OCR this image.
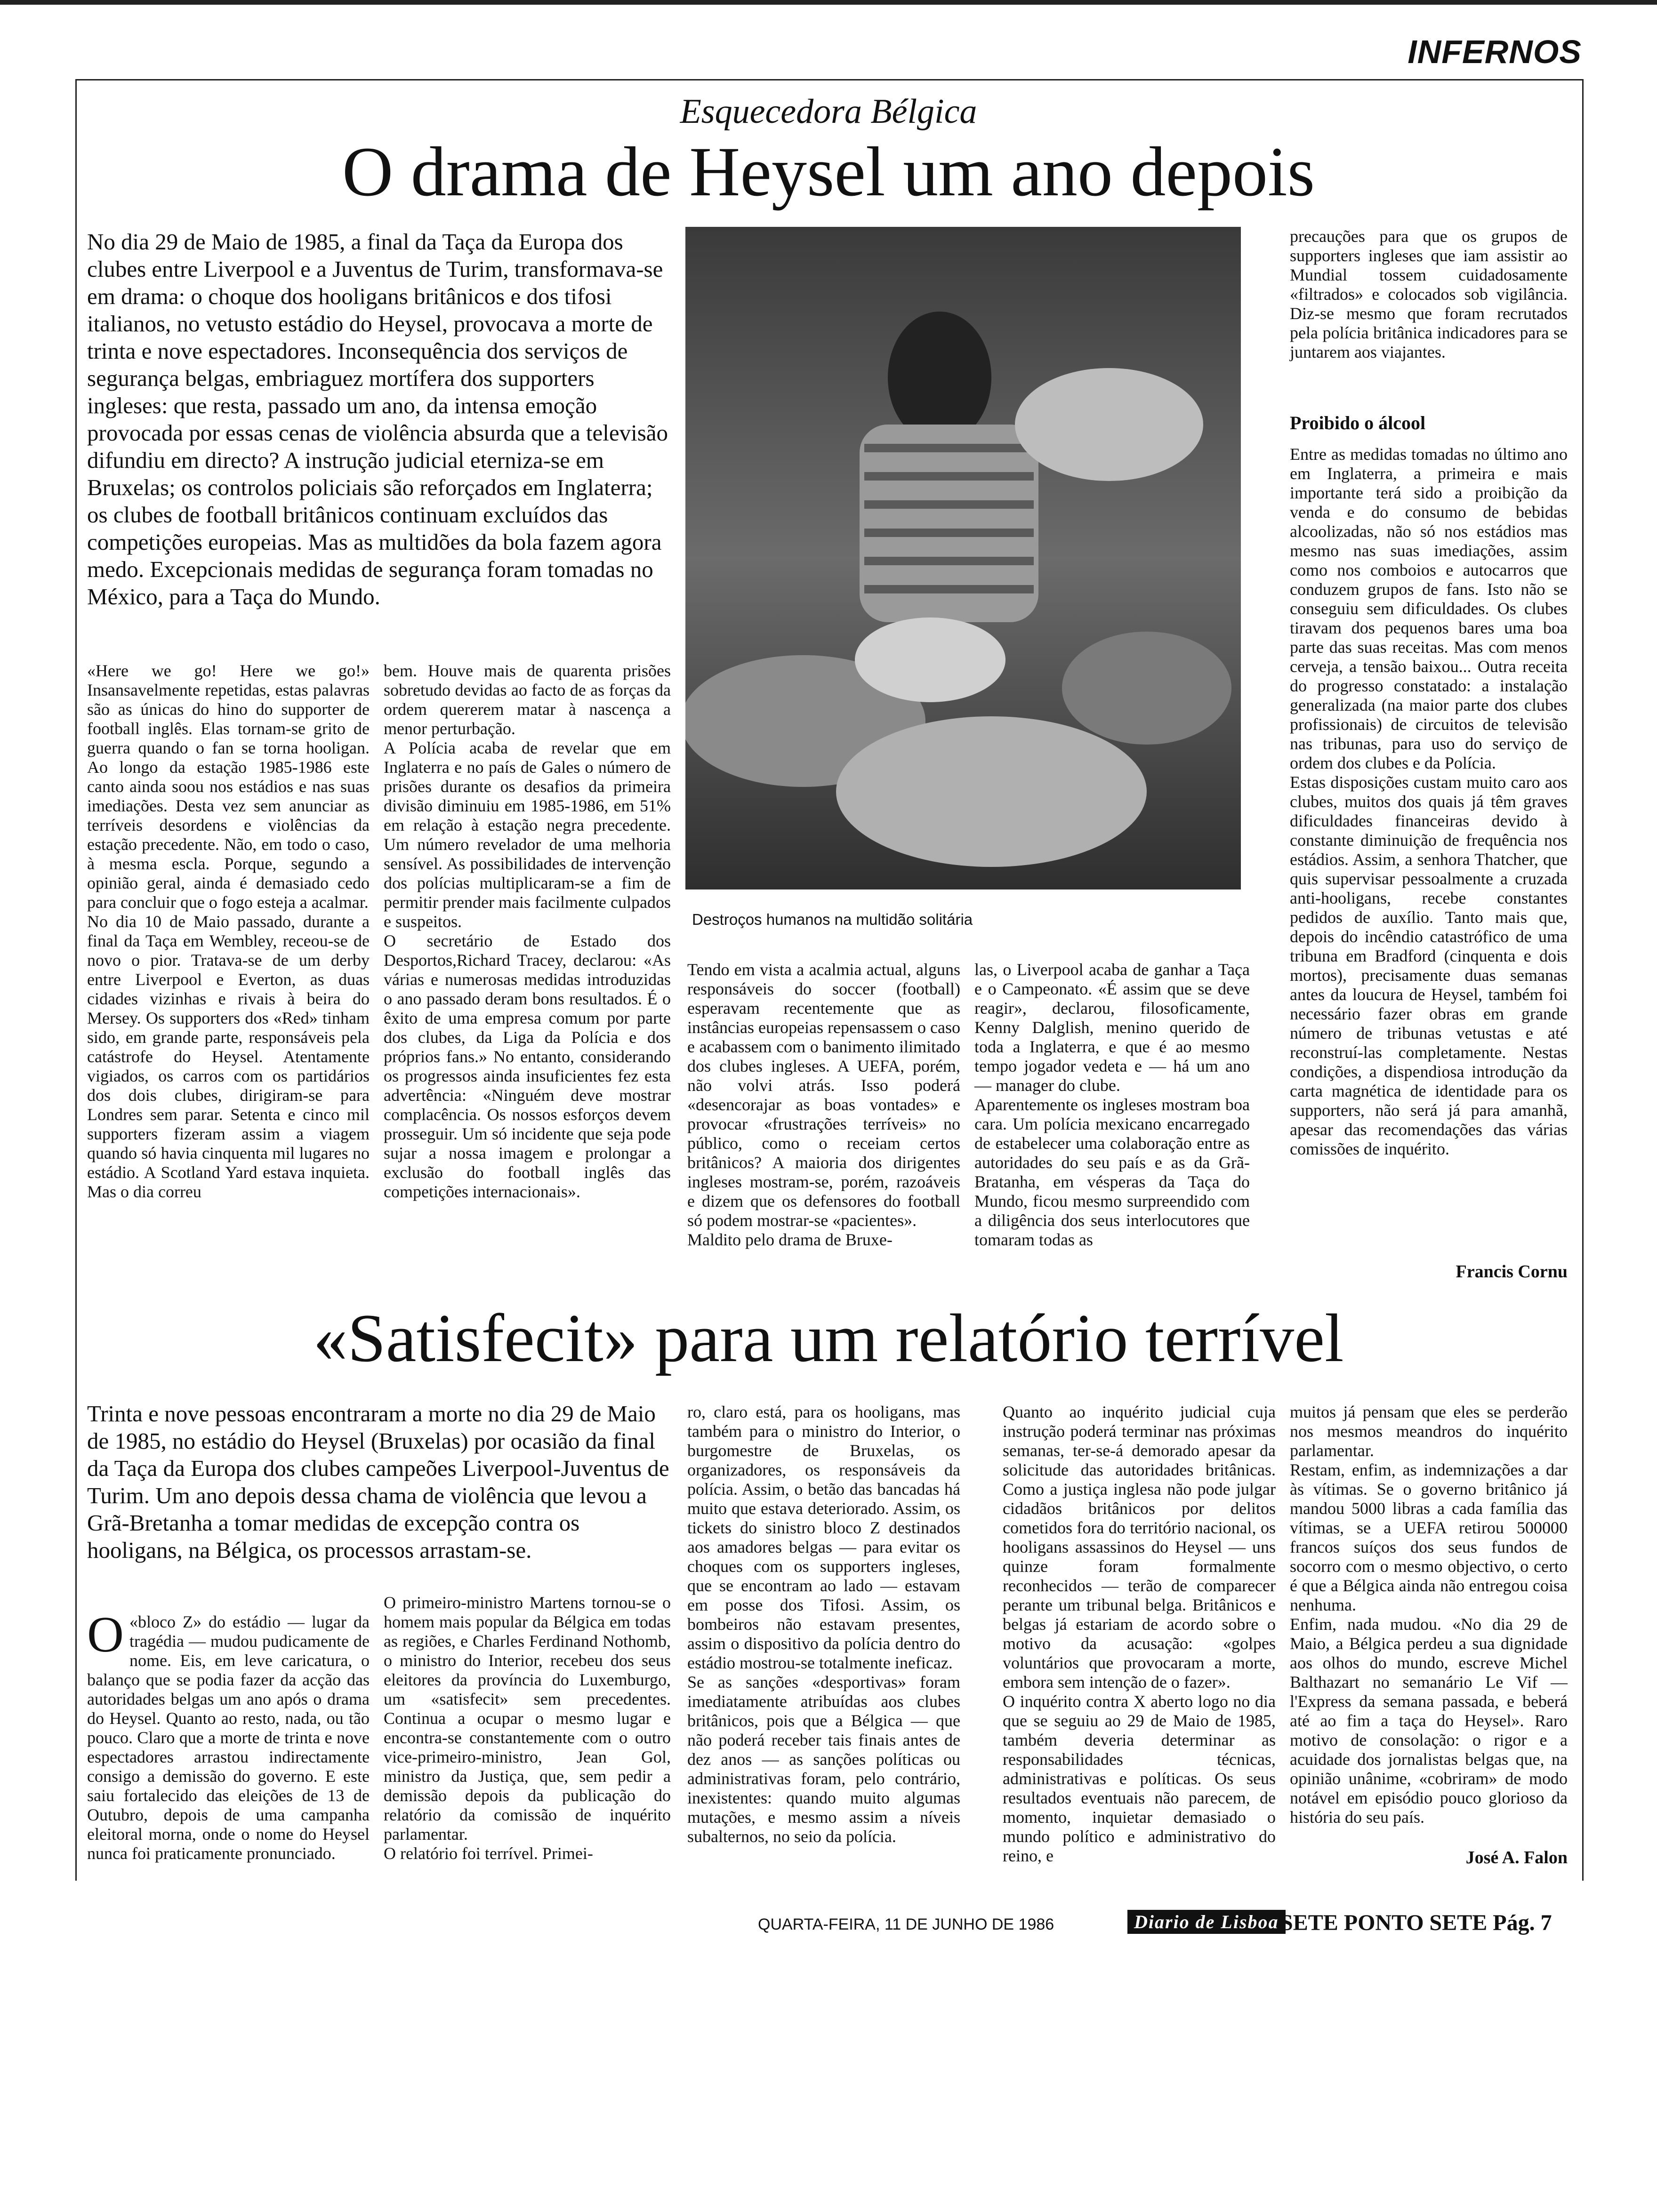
INFERNOS
Esquecedora Bélgica
O drama de Heysel um ano depois
No dia 29 de Maio de 1985, a final da Taça da Europa dos clubes entre Liverpool e a Juventus de Turim, transformava-se em drama: o choque dos hooligans britânicos e dos tifosi italianos, no vetusto estádio do Heysel, provocava a morte de trinta e nove espectadores. Inconsequência dos serviços de segurança belgas, embriaguez mortífera dos supporters ingleses: que resta, passado um ano, da intensa emoção provocada por essas cenas de violência absurda que a televisão difundiu em directo? A instrução judicial eterniza-se em Bruxelas; os controlos policiais são reforçados em Inglaterra; os clubes de football britânicos continuam excluídos das competições europeias. Mas as multidões da bola fazem agora medo. Excepcionais medidas de segurança foram tomadas no México, para a Taça do Mundo.
«Here we go! Here we go!» Insansavelmente repetidas, estas palavras são as únicas do hino do supporter de football inglês. Elas tornam-se grito de guerra quando o fan se torna hooligan. Ao longo da estação 1985-1986 este canto ainda soou nos estádios e nas suas imediações. Desta vez sem anunciar as terríveis desordens e violências da estação precedente. Não, em todo o caso, à mesma escla. Porque, segundo a opinião geral, ainda é demasiado cedo para concluir que o fogo esteja a acalmar.
No dia 10 de Maio passado, durante a final da Taça em Wembley, receou-se de novo o pior. Tratava-se de um derby entre Liverpool e Everton, as duas cidades vizinhas e rivais à beira do Mersey. Os supporters dos «Red» tinham sido, em grande parte, responsáveis pela catástrofe do Heysel. Atentamente vigiados, os carros com os partidários dos dois clubes, dirigiram-se para Londres sem parar. Setenta e cinco mil supporters fizeram assim a viagem quando só havia cinquenta mil lugares no estádio. A Scotland Yard estava inquieta. Mas o dia correu
bem. Houve mais de quarenta prisões sobretudo devidas ao facto de as forças da ordem quererem matar à nascença a menor perturbação.
A Polícia acaba de revelar que em Inglaterra e no país de Gales o número de prisões durante os desafios da primeira divisão diminuiu em 1985-1986, em 51% em relação à estação negra precedente. Um número revelador de uma melhoria sensível. As possibilidades de intervenção dos polícias multiplicaram-se a fim de permitir prender mais facilmente culpados e suspeitos.
O secretário de Estado dos Desportos,Richard Tracey, declarou: «As várias e numerosas medidas introduzidas o ano passado deram bons resultados. É o êxito de uma empresa comum por parte dos clubes, da Liga da Polícia e dos próprios fans.» No entanto, considerando os progressos ainda insuficientes fez esta advertência: «Ninguém deve mostrar complacência. Os nossos esforços devem prosseguir. Um só incidente que seja pode sujar a nossa imagem e prolongar a exclusão do football inglês das competições internacionais».
Destroços humanos na multidão solitária
Tendo em vista a acalmia actual, alguns responsáveis do soccer (football) esperavam recentemente que as instâncias europeias repensassem o caso e acabassem com o banimento ilimitado dos clubes ingleses. A UEFA, porém, não volvi atrás. Isso poderá «desencorajar as boas vontades» e provocar «frustrações terríveis» no público, como o receiam certos britânicos? A maioria dos dirigentes ingleses mostram-se, porém, razoáveis e dizem que os defensores do football só podem mostrar-se «pacientes».
Maldito pelo drama de Bruxe-
las, o Liverpool acaba de ganhar a Taça e o Campeonato. «É assim que se deve reagir», declarou, filosoficamente, Kenny Dalglish, menino querido de toda a Inglaterra, e que é ao mesmo tempo jogador vedeta e — há um ano — manager do clube.
Aparentemente os ingleses mostram boa cara. Um polícia mexicano encarregado de estabelecer uma colaboração entre as autoridades do seu país e as da Grã-Bratanha, em vésperas da Taça do Mundo, ficou mesmo surpreendido com a diligência dos seus interlocutores que tomaram todas as
precauções para que os grupos de supporters ingleses que iam assistir ao Mundial tossem cuidadosamente «filtrados» e colocados sob vigilância. Diz-se mesmo que foram recrutados pela polícia britânica indicadores para se juntarem aos viajantes.
Proibido o álcool
Entre as medidas tomadas no último ano em Inglaterra, a primeira e mais importante terá sido a proibição da venda e do consumo de bebidas alcoolizadas, não só nos estádios mas mesmo nas suas imediações, assim como nos comboios e autocarros que conduzem grupos de fans. Isto não se conseguiu sem dificuldades. Os clubes tiravam dos pequenos bares uma boa parte das suas receitas. Mas com menos cerveja, a tensão baixou... Outra receita do progresso constatado: a instalação generalizada (na maior parte dos clubes profissionais) de circuitos de televisão nas tribunas, para uso do serviço de ordem dos clubes e da Polícia.
Estas disposições custam muito caro aos clubes, muitos dos quais já têm graves dificuldades financeiras devido à constante diminuição de frequência nos estádios. Assim, a senhora Thatcher, que quis supervisar pessoalmente a cruzada anti-hooligans, recebe constantes pedidos de auxílio. Tanto mais que, depois do incêndio catastrófico de uma tribuna em Bradford (cinquenta e dois mortos), precisamente duas semanas antes da loucura de Heysel, também foi necessário fazer obras em grande número de tribunas vetustas e até reconstruí-las completamente. Nestas condições, a dispendiosa introdução da carta magnética de identidade para os supporters, não será já para amanhã, apesar das recomendações das várias comissões de inquérito.
Francis Cornu
«Satisfecit» para um relatório terrível
Trinta e nove pessoas encontraram a morte no dia 29 de Maio de 1985, no estádio do Heysel (Bruxelas) por ocasião da final da Taça da Europa dos clubes campeões Liverpool-Juventus de Turim. Um ano depois dessa chama de violência que levou a Grã-Bretanha a tomar medidas de excepção contra os hooligans, na Bélgica, os processos arrastam-se.

O «bloco Z» do estádio — lugar da tragédia — mudou pudicamente de nome. Eis, em leve caricatura, o balanço que se podia fazer da acção das autoridades belgas um ano após o drama do Heysel. Quanto ao resto, nada, ou tão pouco. Claro que a morte de trinta e nove espectadores arrastou indirectamente consigo a demissão do governo. E este saiu fortalecido das eleições de 13 de Outubro, depois de uma campanha eleitoral morna, onde o nome do Heysel nunca foi praticamente pronunciado.

O primeiro-ministro Martens tornou-se o homem mais popular da Bélgica em todas as regiões, e Charles Ferdinand Nothomb, o ministro do Interior, recebeu dos seus eleitores da província do Luxemburgo, um «satisfecit» sem precedentes. Continua a ocupar o mesmo lugar e encontra-se constantemente com o outro vice-primeiro-ministro, Jean Gol, ministro da Justiça, que, sem pedir a demissão depois da publicação do relatório da comissão de inquérito parlamentar.
O relatório foi terrível. Primei-
ro, claro está, para os hooligans, mas também para o ministro do Interior, o burgomestre de Bruxelas, os organizadores, os responsáveis da polícia. Assim, o betão das bancadas há muito que estava deteriorado. Assim, os tickets do sinistro bloco Z destinados aos amadores belgas — para evitar os choques com os supporters ingleses, que se encontram ao lado — estavam em posse dos Tifosi. Assim, os bombeiros não estavam presentes, assim o dispositivo da polícia dentro do estádio mostrou-se totalmente ineficaz.
Se as sanções «desportivas» foram imediatamente atribuídas aos clubes britânicos, pois que a Bélgica — que não poderá receber tais finais antes de dez anos — as sanções políticas ou administrativas foram, pelo contrário, inexistentes: quando muito algumas mutações, e mesmo assim a níveis subalternos, no seio da polícia.
Quanto ao inquérito judicial cuja instrução poderá terminar nas próximas semanas, ter-se-á demorado apesar da solicitude das autoridades britânicas. Como a justiça inglesa não pode julgar cidadãos britânicos por delitos cometidos fora do território nacional, os hooligans assassinos do Heysel — uns quinze foram formalmente reconhecidos — terão de comparecer perante um tribunal belga. Britânicos e belgas já estariam de acordo sobre o motivo da acusação: «golpes voluntários que provocaram a morte, embora sem intenção de o fazer».
O inquérito contra X aberto logo no dia que se seguiu ao 29 de Maio de 1985, também deveria determinar as responsabilidades técnicas, administrativas e políticas. Os seus resultados eventuais não parecem, de momento, inquietar demasiado o mundo político e administrativo do reino, e
muitos já pensam que eles se perderão nos mesmos meandros do inquérito parlamentar.
Restam, enfim, as indemnizações a dar às vítimas. Se o governo britânico já mandou 5000 libras a cada família das vítimas, se a UEFA retirou 500000 francos suíços dos seus fundos de socorro com o mesmo objectivo, o certo é que a Bélgica ainda não entregou coisa nenhuma.
Enfim, nada mudou. «No dia 29 de Maio, a Bélgica perdeu a sua dignidade aos olhos do mundo, escreve Michel Balthazart no semanário Le Vif — l'Express da semana passada, e beberá até ao fim a taça do Heysel». Raro motivo de consolação: o rigor e a acuidade dos jornalistas belgas que, na opinião unânime, «cobriram» de modo notável em episódio pouco glorioso da história do seu país.
José A. Falon
QUARTA-FEIRA, 11 DE JUNHO DE 1986	Diario de Lisboa SETE PONTO SETE Pág. 7
